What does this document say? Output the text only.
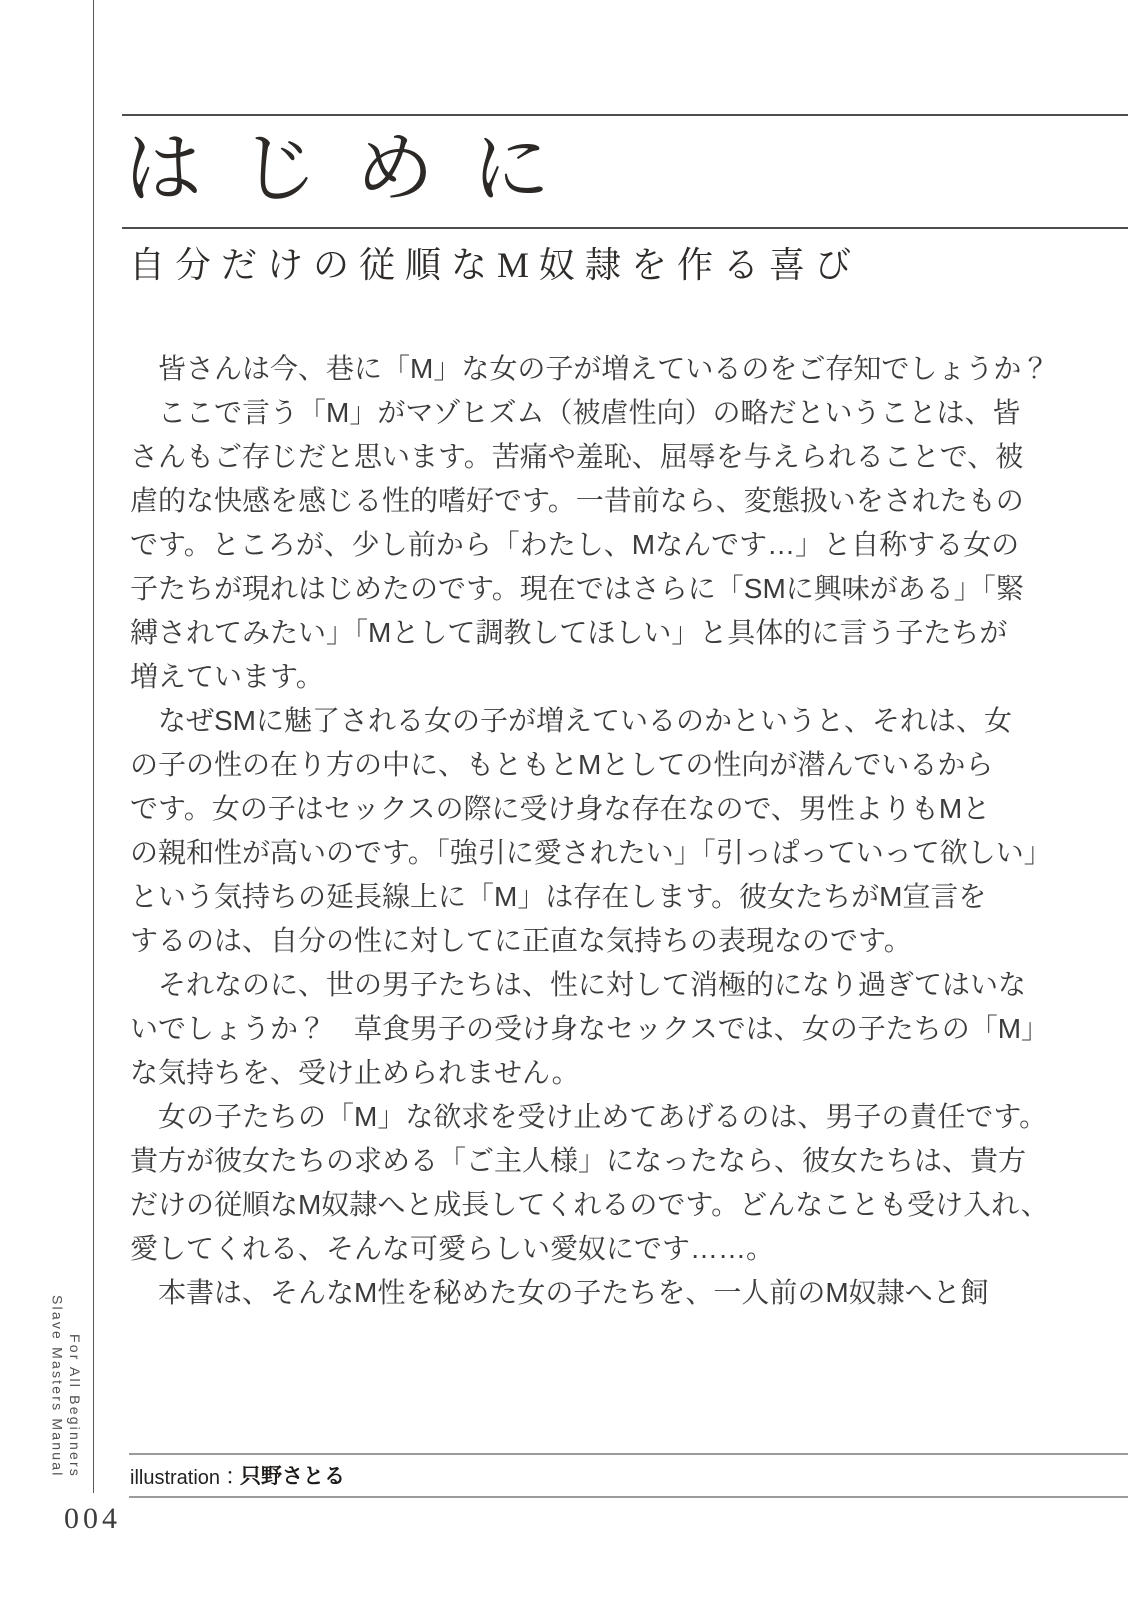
Slave Masters Manual For All Beginners
はじめに
自分だけの従順なM奴隷を作る喜び
　皆さんは今、巷に「M」な女の子が増えているのをご存知でしょうか？
　ここで言う「M」がマゾヒズム（被虐性向）の略だということは、皆
さんもご存じだと思います。苦痛や羞恥、屈辱を与えられることで、被
虐的な快感を感じる性的嗜好です。一昔前なら、変態扱いをされたもの
です。ところが、少し前から「わたし、Mなんです…」と自称する女の
子たちが現れはじめたのです。現在ではさらに「SMに興味がある」「緊
縛されてみたい」「Mとして調教してほしい」と具体的に言う子たちが
増えています。
　なぜSMに魅了される女の子が増えているのかというと、それは、女
の子の性の在り方の中に、もともとMとしての性向が潜んでいるから
です。女の子はセックスの際に受け身な存在なので、男性よりもMと
の親和性が高いのです。「強引に愛されたい」「引っぱっていって欲しい」
という気持ちの延長線上に「M」は存在します。彼女たちがM宣言を
するのは、自分の性に対してに正直な気持ちの表現なのです。
　それなのに、世の男子たちは、性に対して消極的になり過ぎてはいな
いでしょうか？　草食男子の受け身なセックスでは、女の子たちの「M」
な気持ちを、受け止められません。
　女の子たちの「M」な欲求を受け止めてあげるのは、男子の責任です。
貴方が彼女たちの求める「ご主人様」になったなら、彼女たちは、貴方
だけの従順なM奴隷へと成長してくれるのです。どんなことも受け入れ、
愛してくれる、そんな可愛らしい愛奴にです……。
　本書は、そんなM性を秘めた女の子たちを、一人前のM奴隷へと飼
illustration： 只野さとる
004
